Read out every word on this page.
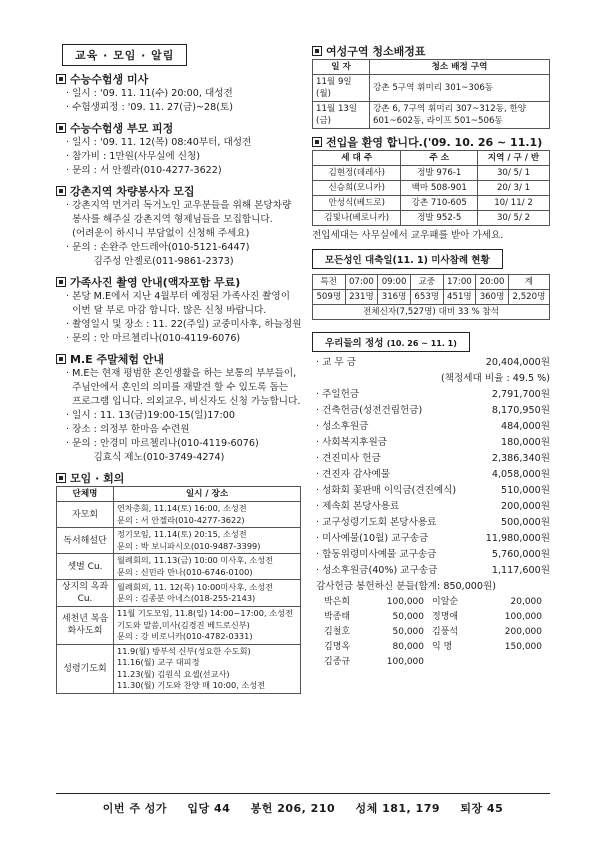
교육 · 모임 · 알림
수능수험생 미사
· 일시 : '09. 11. 11(수) 20:00, 대성전
· 수험생피정 : '09. 11. 27(금)~28(토)
수능수험생 부모 피정
· 일시 : '09. 11. 12(목) 08:40부터, 대성전
· 참가비 : 1만원(사무실에 신청)
· 문의 : 서 안젤라(010-4277-3622)
강촌지역 차량봉사자 모집
· 강촌지역 먼거리 독거노인 교우분들을 위해 본당차량
봉사를 해주실 강촌지역 형제님들을 모집합니다.
(어려운이 하시니 부담없이 신청해 주세요)
· 문의 : 손완주 안드레아(010-5121-6447)
김주성 안젤로(011-9861-2373)
가족사진 촬영 안내(액자포함 무료)
· 본당 M.E에서 지난 4월부터 예정된 가족사진 촬영이
이번 달 부로 마감 합니다. 많은 신청 바랍니다.
· 촬영일시 및 장소 : 11. 22(주일) 교중미사후, 하늘정원
· 문의 : 안 마르첼리나(010-4119-6076)
M.E 주말체험 안내
· M.E는 현재 평범한 혼인생활을 하는 보통의 부부들이,
주님안에서 혼인의 의미를 재발견 할 수 있도록 돕는
프로그램 입니다. 의외교우, 비신자도 신청 가능합니다.
· 일시 : 11. 13(금)19:00-15(일)17:00
· 장소 : 의정부 한마음 수련원
· 문의 : 안경미 마르첼리나(010-4119-6076)
김효식 제노(010-3749-4274)
모임 · 회의
단체명	일시 / 장소
자모회	연차총회, 11.14(토) 16:00, 소성전
문의 : 서 안젤라(010-4277-3622)

독서해설단	정기모임, 11.14(토) 20:15, 소성전
문의 : 박 보니파시오(010-9487-3399)

셋별 Cu.	월례회의, 11.13(금) 10:00 미사후, 소성전
문의 : 신민라 만나(010-6746-0100)

상지의 옥좌Cu.	월례회의, 11. 12(목) 10:00미사후, 소성전
문의 : 김종분 아네스(018-255-2143)

세천년 복음화사도회	11월 기도모임, 11.8(일) 14:00~17:00, 소성전
기도와 말씀,미사(김경진 베드로신부)
문의 : 강 비로니카(010-4782-0331)

성령기도회	11.9(월) 방부석 신부(성요한 수도회)
11.16(월) 교구 대피정
11.23(월) 김원식 요셉(선교사)
11.30(월) 기도와 찬양 매 10:00, 소성전
여성구역 청소배정표
일 자	청소 배정 구역
11월 9일(월)	강촌 5구역 휘미리 301~306동
11월 13일(금)	강촌 6, 7구역 휘미리 307~312동, 한양601~602동, 라이프 501~506동
전입을 환영 합니다.('09. 10. 26 ~ 11.1)
세 대 주	주 소	지역 / 구 / 반
김현정(데레사)	정발 976-1	30/ 5/ 1
신승희(모니카)	백마 508-901	20/ 3/ 1
안성식(베드로)	강촌 710-605	10/ 11/ 2
김빛나(베로니카)	정발 952-5	30/ 5/ 2
전입세대는 사무실에서 교우패를 받아 가세요.
모든성인 대축일(11. 1) 미사참례 현황
특전	07:00	09:00	교중	17:00	20:00	계
509명	231명	316명	653명	451명	360명	2,520명
전체신자(7,527명) 대비 33 % 참석						
우리들의 정성 (10. 26 ~ 11. 1)
· 교 무 금	20,404,000원
(책정세대 비율 : 49.5 %)
· 주일헌금	2,791,700원
· 건축헌금(성전건립헌금)	8,170,950원
· 성소후원금	484,000원
· 사회복지후원금	180,000원
· 견진미사 헌금	2,386,340원
· 견진자 감사예물	4,058,000원
· 성화회 꽃판매 이익금(견진예식)	510,000원
· 제속회 본당사용료	200,000원
· 교구성령기도회 본당사용료	500,000원
· 미사예물(10월) 교구송금	11,980,000원
· 합동위령미사예물 교구송금	5,760,000원
· 성소후원금(40%) 교구송금	1,117,600원
감사헌금 봉헌하신 분들(합계: 850,000원)
박은희	100,000 이알순	20,000
박종태	50,000 정명애	100,000
김철호	50,000 김풍석	200,000
김명옥	80,000 익 명	150,000
김종규	100,000
이번 주 성가 입당 44 봉헌 206, 210 성체 181, 179 퇴장 45
